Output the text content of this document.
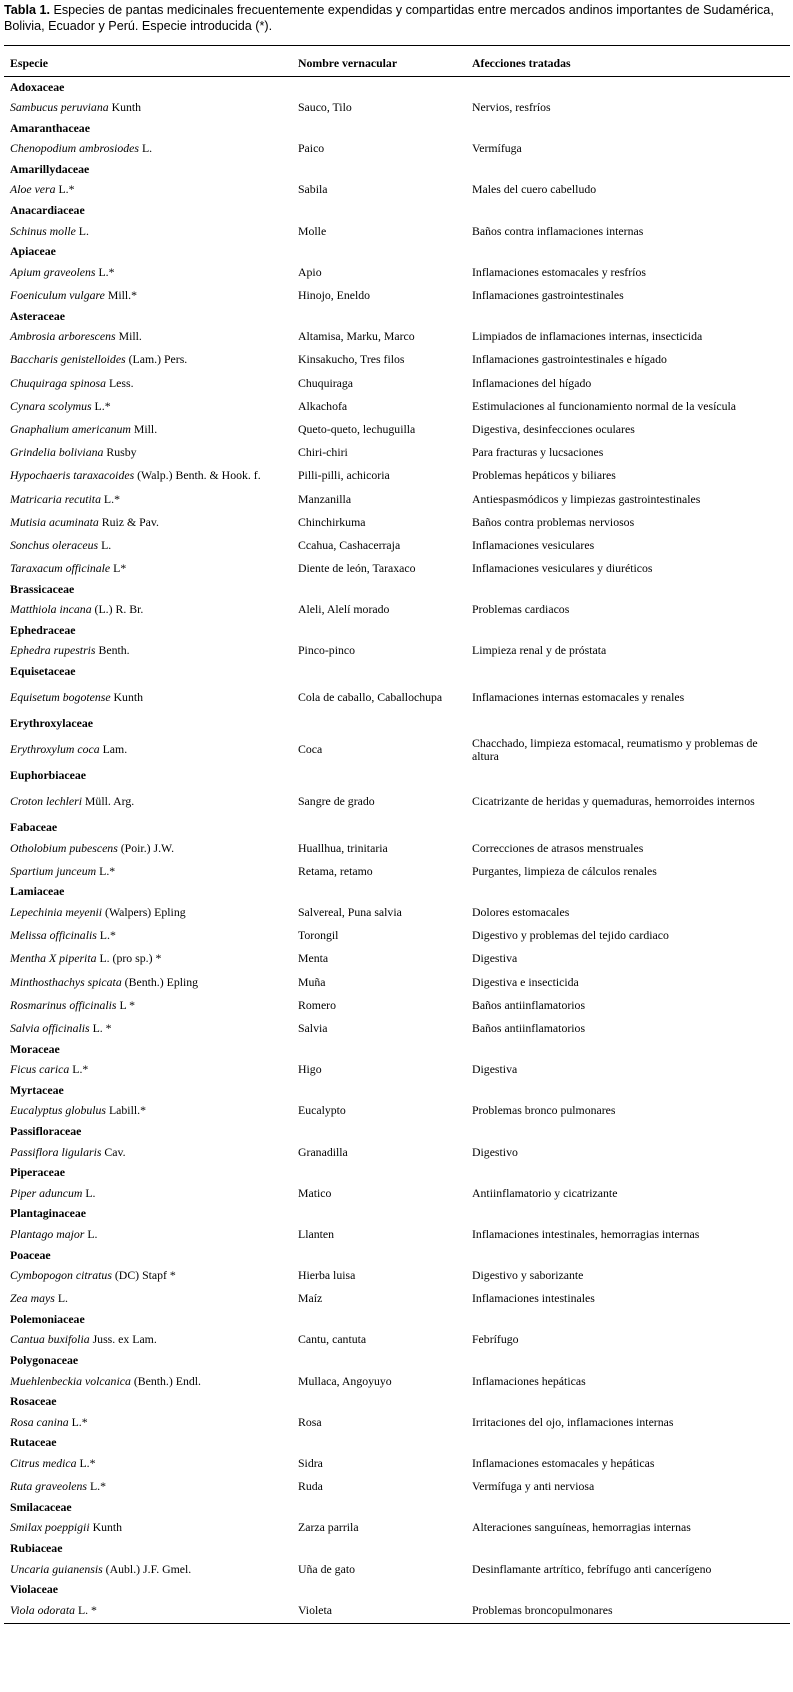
Tabla 1. Especies de pantas medicinales frecuentemente expendidas y compartidas entre mercados andinos importantes de Sudamérica, Bolivia, Ecuador y Perú. Especie introducida (*).
Especie	Nombre vernacular	Afecciones tratadas
Adoxaceae		
Sambucus peruviana Kunth	Sauco, Tilo	Nervios, resfríos
Amaranthaceae		
Chenopodium ambrosiodes L.	Paico	Vermífuga
Amarillydaceae		
Aloe vera L.*	Sabila	Males del cuero cabelludo
Anacardiaceae		
Schinus molle L.	Molle	Baños contra inflamaciones internas
Apiaceae		
Apium graveolens L.*	Apio	Inflamaciones estomacales y resfríos
Foeniculum vulgare Mill.*	Hinojo, Eneldo	Inflamaciones gastrointestinales
Asteraceae		
Ambrosia arborescens Mill.	Altamisa, Marku, Marco	Limpiados de inflamaciones internas, insecticida
Baccharis genistelloides (Lam.) Pers.	Kinsakucho, Tres filos	Inflamaciones gastrointestinales e hígado
Chuquiraga spinosa Less.	Chuquiraga	Inflamaciones del hígado
Cynara scolymus L.*	Alkachofa	Estimulaciones al funcionamiento normal de la vesícula
Gnaphalium americanum Mill.	Queto-queto, lechuguilla	Digestiva, desinfecciones oculares
Grindelia boliviana Rusby	Chiri-chiri	Para fracturas y lucsaciones
Hypochaeris taraxacoides (Walp.) Benth. & Hook. f.	Pilli-pilli, achicoria	Problemas hepáticos y biliares
Matricaria recutita L.*	Manzanilla	Antiespasmódicos y limpiezas gastrointestinales
Mutisia acuminata Ruiz & Pav.	Chinchirkuma	Baños contra problemas nerviosos
Sonchus oleraceus L.	Ccahua, Cashacerraja	Inflamaciones vesiculares
Taraxacum officinale L*	Diente de león, Taraxaco	Inflamaciones vesiculares y diuréticos
Brassicaceae		
Matthiola incana (L.) R. Br.	Aleli, Alelí morado	Problemas cardiacos
Ephedraceae		
Ephedra rupestris Benth.	Pinco-pinco	Limpieza renal y de próstata
Equisetaceae		
Equisetum bogotense Kunth	Cola de caballo, Caballochupa	Inflamaciones internas estomacales y renales
Erythroxylaceae		
Erythroxylum coca Lam.	Coca	Chacchado, limpieza estomacal, reumatismo y problemas de altura
Euphorbiaceae		
Croton lechleri Müll. Arg.	Sangre de grado	Cicatrizante de heridas y quemaduras, hemorroides internos
Fabaceae		
Otholobium pubescens (Poir.) J.W.	Huallhua, trinitaria	Correcciones de atrasos menstruales
Spartium junceum L.*	Retama, retamo	Purgantes, limpieza de cálculos renales
Lamiaceae		
Lepechinia meyenii (Walpers) Epling	Salvereal, Puna salvia	Dolores estomacales
Melissa officinalis L.*	Torongil	Digestivo y problemas del tejido cardiaco
Mentha X piperita L. (pro sp.) *	Menta	Digestiva
Minthosthachys spicata (Benth.) Epling	Muña	Digestiva e insecticida
Rosmarinus officinalis L *	Romero	Baños antiinflamatorios
Salvia officinalis L. *	Salvia	Baños antiinflamatorios
Moraceae		
Ficus carica L.*	Higo	Digestiva
Myrtaceae		
Eucalyptus globulus Labill.*	Eucalypto	Problemas bronco pulmonares
Passifloraceae		
Passiflora ligularis Cav.	Granadilla	Digestivo
Piperaceae		
Piper aduncum L.	Matico	Antiinflamatorio y cicatrizante
Plantaginaceae		
Plantago major L.	Llanten	Inflamaciones intestinales, hemorragias internas
Poaceae		
Cymbopogon citratus (DC) Stapf *	Hierba luisa	Digestivo y saborizante
Zea mays L.	Maíz	Inflamaciones intestinales
Polemoniaceae		
Cantua buxifolia Juss. ex Lam.	Cantu, cantuta	Febrífugo
Polygonaceae		
Muehlenbeckia volcanica (Benth.) Endl.	Mullaca, Angoyuyo	Inflamaciones hepáticas
Rosaceae		
Rosa canina L.*	Rosa	Irritaciones del ojo, inflamaciones internas
Rutaceae		
Citrus medica L.*	Sidra	Inflamaciones estomacales y hepáticas
Ruta graveolens L.*	Ruda	Vermífuga y anti nerviosa
Smilacaceae		
Smilax poeppigii Kunth	Zarza parrila	Alteraciones sanguíneas, hemorragias internas
Rubiaceae		
Uncaria guianensis (Aubl.) J.F. Gmel.	Uña de gato	Desinflamante artrítico, febrífugo anti cancerígeno
Violaceae		
Viola odorata L. *	Violeta	Problemas broncopulmonares
